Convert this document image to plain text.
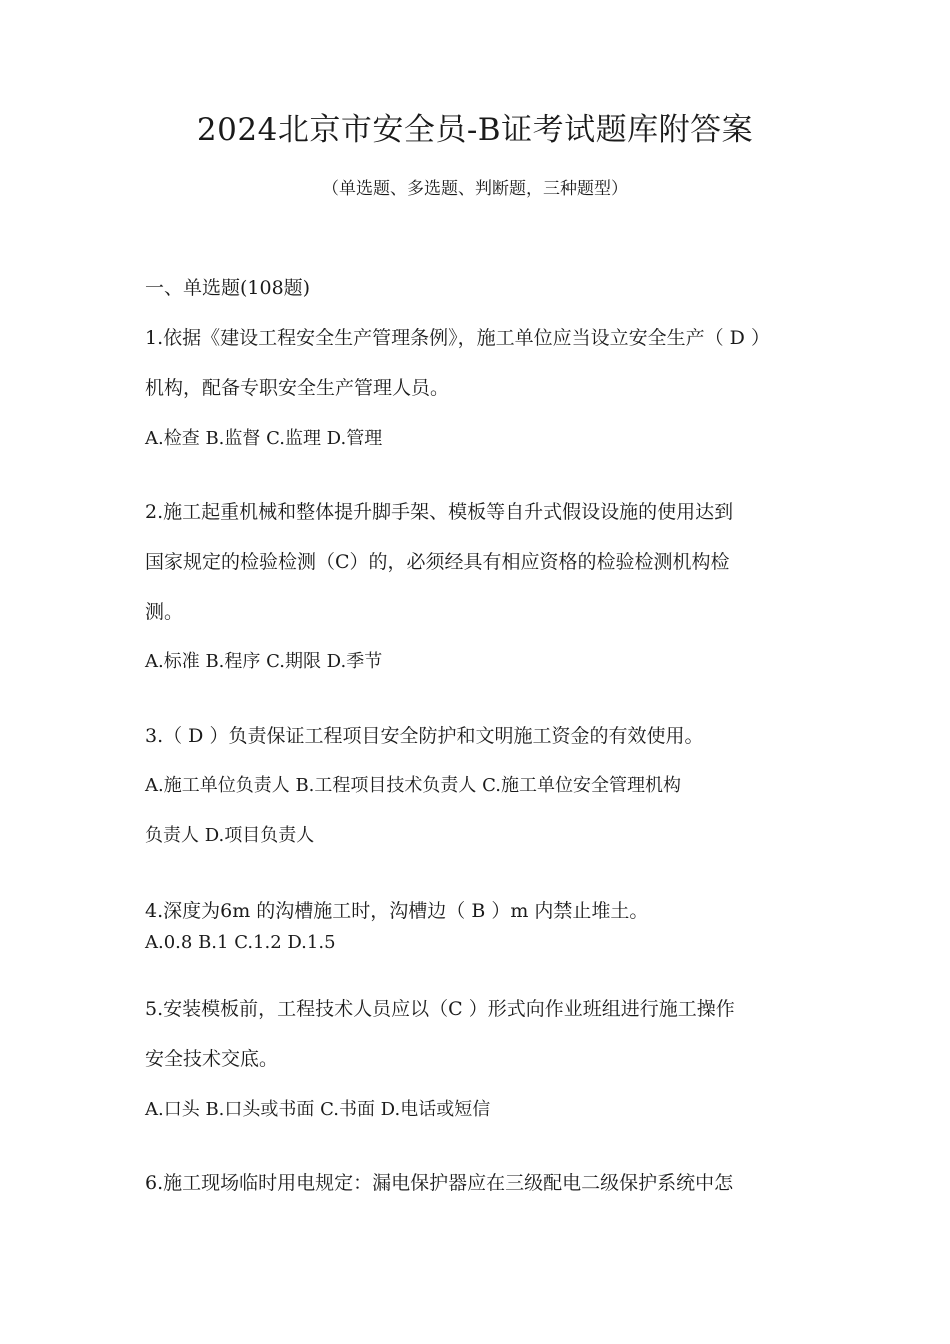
2024北京市安全员-B证考试题库附答案

（单选题、多选题、判断题，三种题型）

一、单选题(108题)

1.依据《建设工程安全生产管理条例》，施工单位应当设立安全生产（ D ）

机构，配备专职安全生产管理人员。

A.检查 B.监督 C.监理 D.管理

2.施工起重机械和整体提升脚手架、模板等自升式假设设施的使用达到

国家规定的检验检测（C）的，必须经具有相应资格的检验检测机构检

测。

A.标准 B.程序 C.期限 D.季节

3.（ D ）负责保证工程项目安全防护和文明施工资金的有效使用。

A.施工单位负责人 B.工程项目技术负责人 C.施工单位安全管理机构

负责人 D.项目负责人

4.深度为6m 的沟槽施工时，沟槽边（ B ）m 内禁止堆土。

A.0.8 B.1 C.1.2 D.1.5

5.安装模板前，工程技术人员应以（C ）形式向作业班组进行施工操作

安全技术交底。

A.口头 B.口头或书面 C.书面 D.电话或短信

6.施工现场临时用电规定：漏电保护器应在三级配电二级保护系统中怎
